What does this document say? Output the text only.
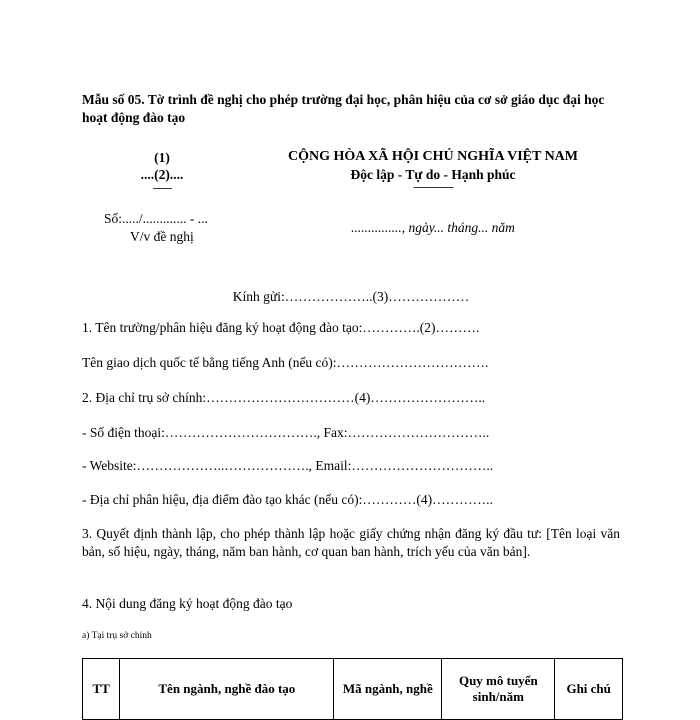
Mẫu số 05. Tờ trình đề nghị cho phép trường đại học, phân hiệu của cơ sở giáo dục đại học hoạt động đào tạo
(1)
....(2)....
-------
CỘNG HÒA XÃ HỘI CHỦ NGHĨA VIỆT NAM
Độc lập - Tự do - Hạnh phúc
---------------
Số:...../............. - ...
V/v đề nghị
..............., ngày... tháng... năm
Kính gửi:………………..(3)………………
1. Tên trường/phân hiệu đăng ký hoạt động đào tạo:………….(2)……….
Tên giao dịch quốc tế bằng tiếng Anh (nếu có):…………………………….
2. Địa chỉ trụ sở chính:……………………………(4)……………………..
- Số điện thoại:……………………………., Fax:…………………………..
- Website:………………..………………., Email:…………………………..
- Địa chỉ phân hiệu, địa điểm đào tạo khác (nếu có):…………(4)…………..
3. Quyết định thành lập, cho phép thành lập hoặc giấy chứng nhận đăng ký đầu tư: [Tên loại văn bản, số hiệu, ngày, tháng, năm ban hành, cơ quan ban hành, trích yếu của văn bản].
4. Nội dung đăng ký hoạt động đào tạo
a) Tại trụ sở chính
TT	Tên ngành, nghề đào tạo	Mã ngành, nghề	Quy mô tuyển sinh/năm	Ghi chú
